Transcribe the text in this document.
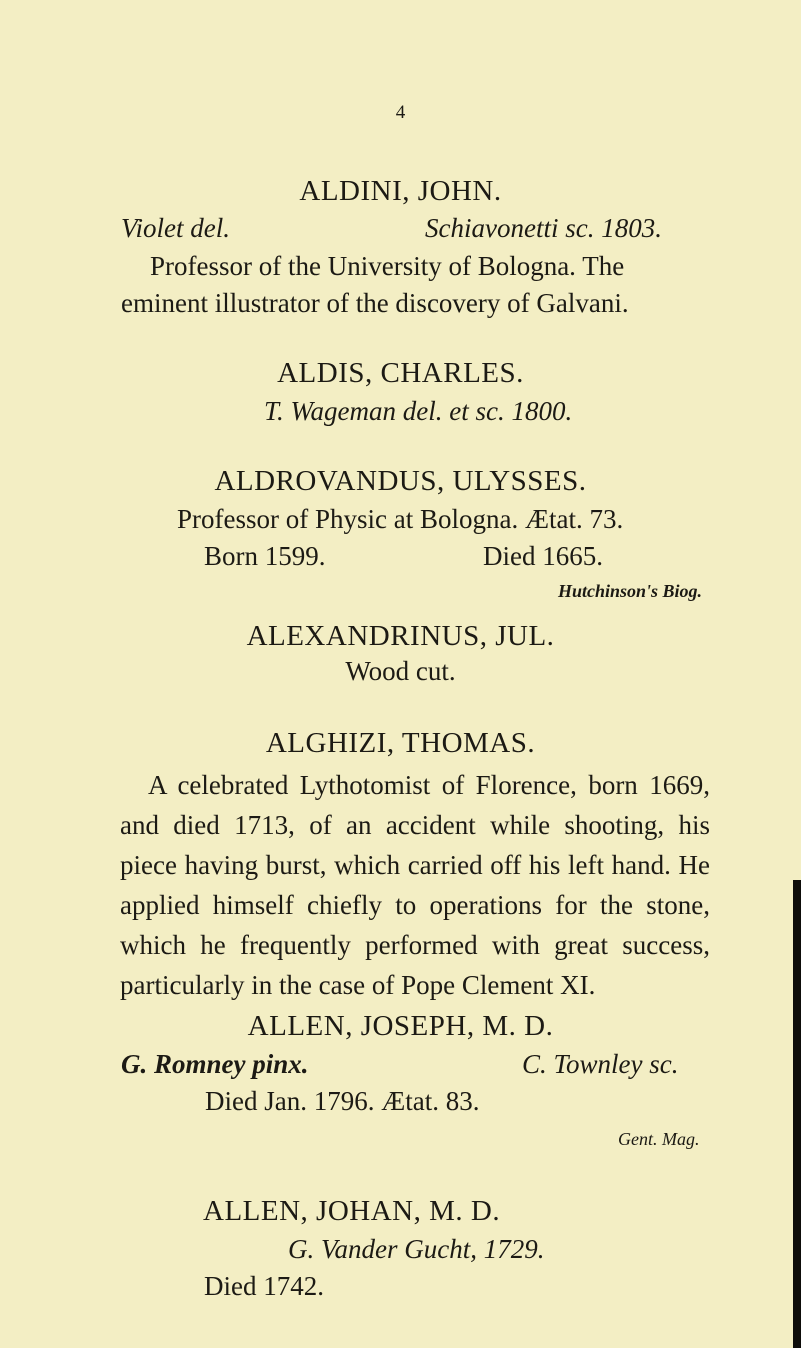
4
ALDINI, JOHN.
Violet del.	Schiavonetti sc. 1803.
Professor of the University of Bologna. The
eminent illustrator of the discovery of Galvani.
ALDIS, CHARLES.
T. Wageman del. et sc. 1800.
ALDROVANDUS, ULYSSES.
Professor of Physic at Bologna. Ætat. 73.
Born 1599.	Died 1665.
Hutchinson's Biog.
ALEXANDRINUS, JUL.
Wood cut.
ALGHIZI, THOMAS.

A celebrated Lythotomist of Florence, born 1669, and died 1713, of an accident while shooting, his piece having burst, which carried off his left hand. He applied himself chiefly to operations for the stone, which he frequently performed with great success, particularly in the case of Pope Clement XI.

ALLEN, JOSEPH, M. D.
G. Romney pinx.	C. Townley sc.
Died Jan. 1796. Ætat. 83.
Gent. Mag.
ALLEN, JOHAN, M. D.
G. Vander Gucht, 1729.
Died 1742.
